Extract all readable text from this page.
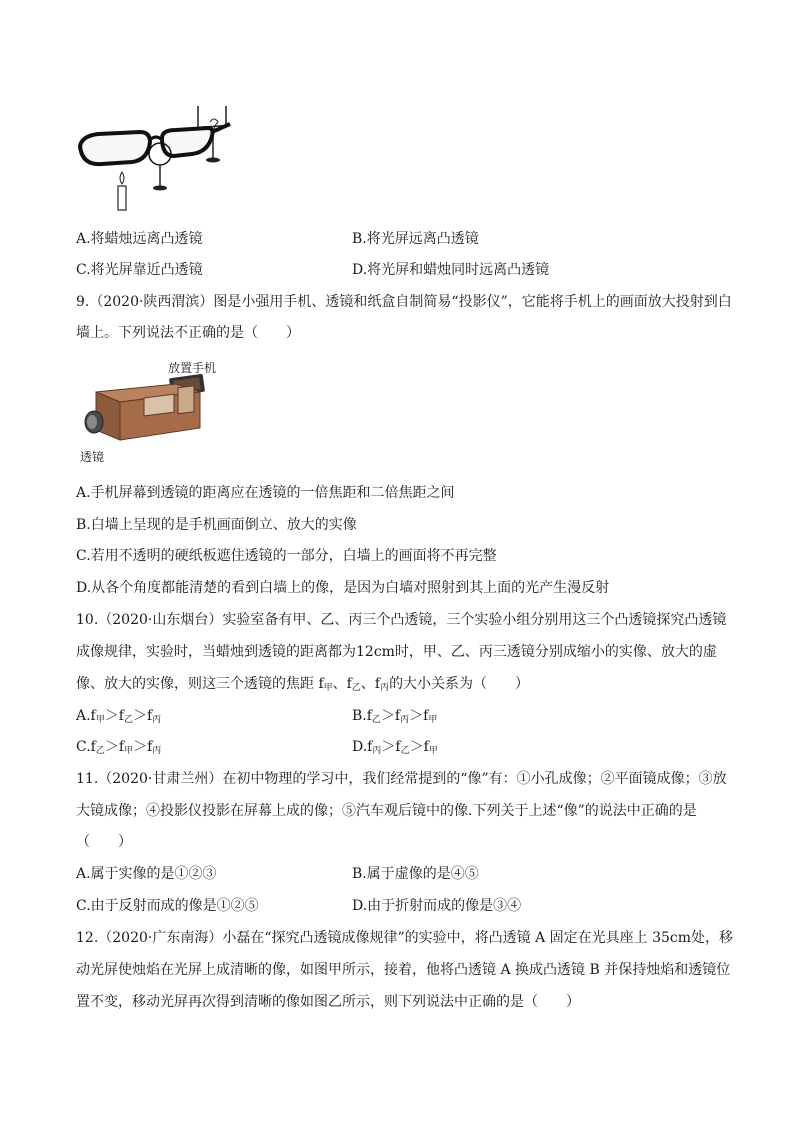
A.将蜡烛远离凸透镜	B.将光屏远离凸透镜
C.将光屏靠近凸透镜	D.将光屏和蜡烛同时远离凸透镜
9.（2020·陕西渭滨）图是小强用手机、透镜和纸盒自制简易“投影仪”，它能将手机上的画面放大投射到白
墙上。下列说法不正确的是（　　）
放置手机
透镜
A.手机屏幕到透镜的距离应在透镜的一倍焦距和二倍焦距之间
B.白墙上呈现的是手机画面倒立、放大的实像
C.若用不透明的硬纸板遮住透镜的一部分，白墙上的画面将不再完整
D.从各个角度都能清楚的看到白墙上的像，是因为白墙对照射到其上面的光产生漫反射
10.（2020·山东烟台）实验室备有甲、乙、丙三个凸透镜，三个实验小组分别用这三个凸透镜探究凸透镜
成像规律，实验时，当蜡烛到透镜的距离都为12cm时，甲、乙、丙三透镜分别成缩小的实像、放大的虚
像、放大的实像，则这三个透镜的焦距 $f_甲$、$f_乙$、$f_丙$的大小关系为（　　）
$A.f_甲>f_乙>f_丙$	$B.f_乙>f_丙>f_甲$
$C.f_乙>f_甲>f_丙$	$D.f_丙>f_乙>f_甲$
11.（2020·甘肃兰州）在初中物理的学习中，我们经常提到的“像”有：①小孔成像；②平面镜成像；③放
大镜成像；④投影仪投影在屏幕上成的像；⑤汽车观后镜中的像.下列关于上述“像”的说法中正确的是
（　　）
A.属于实像的是①②③	B.属于虚像的是④⑤
C.由于反射而成的像是①②⑤	D.由于折射而成的像是③④
12.（2020·广东南海）小磊在“探究凸透镜成像规律”的实验中，将凸透镜 A 固定在光具座上 35cm处，移
动光屏使烛焰在光屏上成清晰的像，如图甲所示，接着，他将凸透镜 A 换成凸透镜 B 并保持烛焰和透镜位
置不变，移动光屏再次得到清晰的像如图乙所示，则下列说法中正确的是（　　）
